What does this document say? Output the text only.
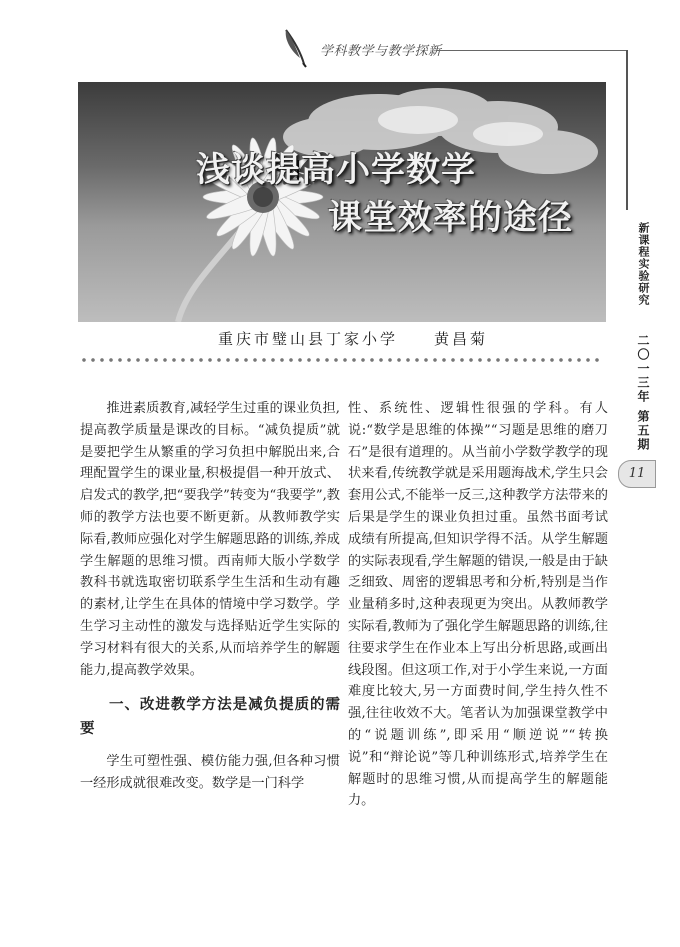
学科教学与教学探新
浅谈提高小学数学
课堂效率的途径
重庆市璧山县丁家小学 黄昌菊
新课程实验研究
二〇一三年 第五期
11

推进素质教育,减轻学生过重的课业负担,提高教学质量是课改的目标。“减负提质”就是要把学生从繁重的学习负担中解脱出来,合理配置学生的课业量,积极提倡一种开放式、启发式的教学,把“要我学”转变为“我要学”,教师的教学方法也要不断更新。从教师教学实际看,教师应强化对学生解题思路的训练,养成学生解题的思维习惯。西南师大版小学数学教科书就选取密切联系学生生活和生动有趣的素材,让学生在具体的情境中学习数学。学生学习主动性的激发与选择贴近学生实际的学习材料有很大的关系,从而培养学生的解题能力,提高教学效果。

一、改进教学方法是减负提质的需要

学生可塑性强、模仿能力强,但各种习惯一经形成就很难改变。数学是一门科学

性、系统性、逻辑性很强的学科。有人说:“数学是思维的体操”“习题是思维的磨刀石”是很有道理的。从当前小学数学教学的现状来看,传统教学就是采用题海战术,学生只会套用公式,不能举一反三,这种教学方法带来的后果是学生的课业负担过重。虽然书面考试成绩有所提高,但知识学得不活。从学生解题的实际表现看,学生解题的错误,一般是由于缺乏细致、周密的逻辑思考和分析,特别是当作业量稍多时,这种表现更为突出。从教师教学实际看,教师为了强化学生解题思路的训练,往往要求学生在作业本上写出分析思路,或画出线段图。但这项工作,对于小学生来说,一方面难度比较大,另一方面费时间,学生持久性不强,往往收效不大。笔者认为加强课堂教学中的“说题训练”,即采用“顺逆说”“转换说”和“辩论说”等几种训练形式,培养学生在解题时的思维习惯,从而提高学生的解题能力。
